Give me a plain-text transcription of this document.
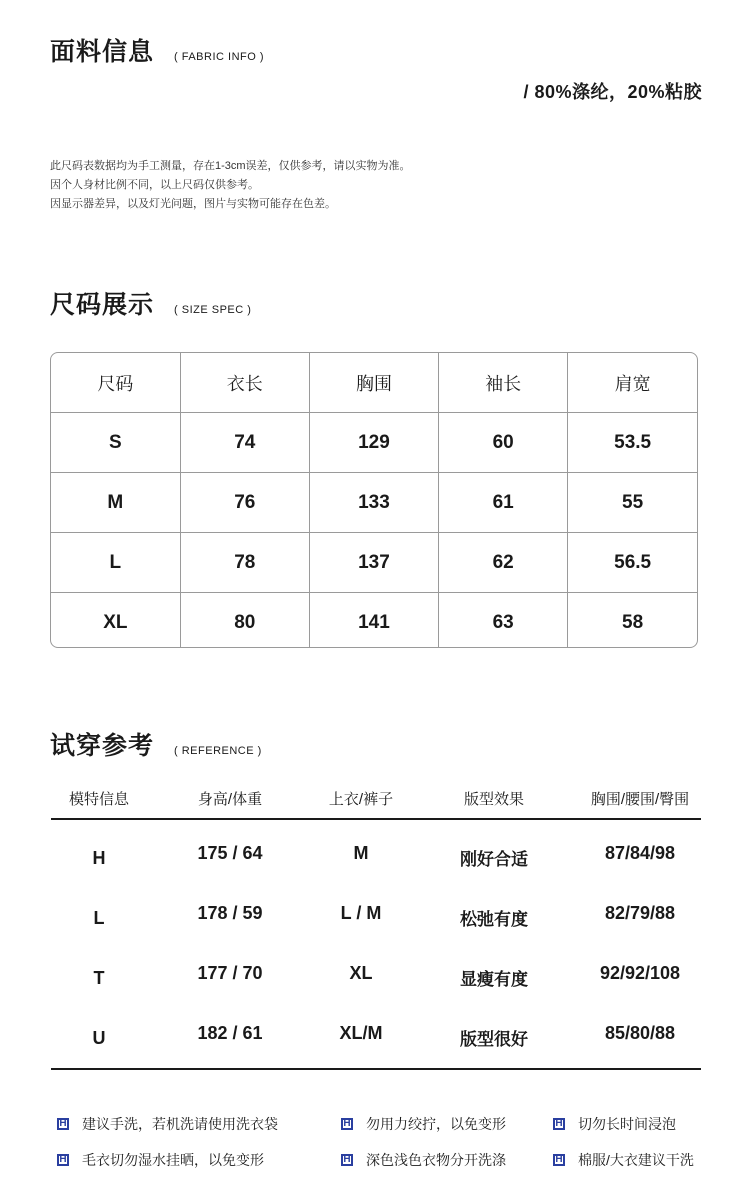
面料信息 ( FABRIC INFO )
/ 80%涤纶，20%粘胶
此尺码表数据均为手工测量，存在1-3cm误差，仅供参考，请以实物为准。
因个人身材比例不同，以上尺码仅供参考。
因显示器差异，以及灯光问题，图片与实物可能存在色差。
尺码展示 ( SIZE SPEC )
尺码	衣长	胸围	袖长	肩宽
S	74	129	60	53.5
M	76	133	61	55
L	78	137	62	56.5
XL	80	141	63	58
试穿参考 ( REFERENCE )
模特信息	身高/体重	上衣/裤子	版型效果	胸围/腰围/臀围
H	175 / 64	M	刚好合适	87/84/98
L	178 / 59	L / M	松弛有度	82/79/88
T	177 / 70	XL	显瘦有度	92/92/108
U	182 / 61	XL/M	版型很好	85/80/88
H 建议手洗，若机洗请使用洗衣袋	H 勿用力绞拧，以免变形	H 切勿长时间浸泡
H 毛衣切勿湿水挂晒，以免变形	H 深色浅色衣物分开洗涤	H 棉服/大衣建议干洗
